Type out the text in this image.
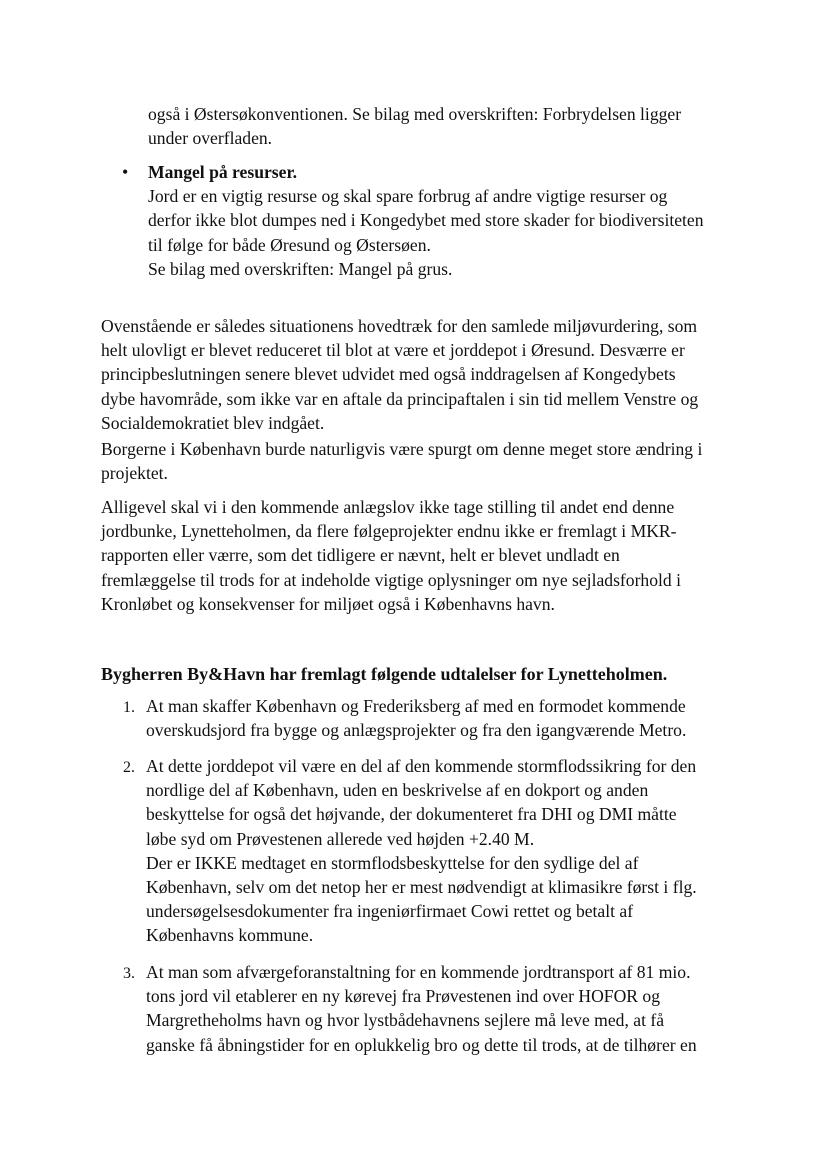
også i Østersøkonventionen. Se bilag med overskriften: Forbrydelsen ligger
under overfladen.

• Mangel på resurser.
Jord er en vigtig resurse og skal spare forbrug af andre vigtige resurser og
derfor ikke blot dumpes ned i Kongedybet med store skader for biodiversiteten
til følge for både Øresund og Østersøen.
Se bilag med overskriften: Mangel på grus.

Ovenstående er således situationens hovedtræk for den samlede miljøvurdering, som
helt ulovligt er blevet reduceret til blot at være et jorddepot i Øresund. Desværre er
principbeslutningen senere blevet udvidet med også inddragelsen af Kongedybets
dybe havområde, som ikke var en aftale da principaftalen i sin tid mellem Venstre og
Socialdemokratiet blev indgået.

Borgerne i København burde naturligvis være spurgt om denne meget store ændring i
projektet.

Alligevel skal vi i den kommende anlægslov ikke tage stilling til andet end denne
jordbunke, Lynetteholmen, da flere følgeprojekter endnu ikke er fremlagt i MKR-
rapporten eller værre, som det tidligere er nævnt, helt er blevet undladt en
fremlæggelse til trods for at indeholde vigtige oplysninger om nye sejladsforhold i
Kronløbet og konsekvenser for miljøet også i Københavns havn.

Bygherren By&Havn har fremlagt følgende udtalelser for Lynetteholmen.
1. At man skaffer København og Frederiksberg af med en formodet kommende
overskudsjord fra bygge og anlægsprojekter og fra den igangværende Metro.
2. At dette jorddepot vil være en del af den kommende stormflodssikring for den
nordlige del af København, uden en beskrivelse af en dokport og anden
beskyttelse for også det højvande, der dokumenteret fra DHI og DMI måtte
løbe syd om Prøvestenen allerede ved højden +2.40 M.
Der er IKKE medtaget en stormflodsbeskyttelse for den sydlige del af
København, selv om det netop her er mest nødvendigt at klimasikre først i flg.
undersøgelsesdokumenter fra ingeniørfirmaet Cowi rettet og betalt af
Københavns kommune.
3. At man som afværgeforanstaltning for en kommende jordtransport af 81 mio.
tons jord vil etablerer en ny kørevej fra Prøvestenen ind over HOFOR og
Margretheholms havn og hvor lystbådehavnens sejlere må leve med, at få
ganske få åbningstider for en oplukkelig bro og dette til trods, at de tilhører en
